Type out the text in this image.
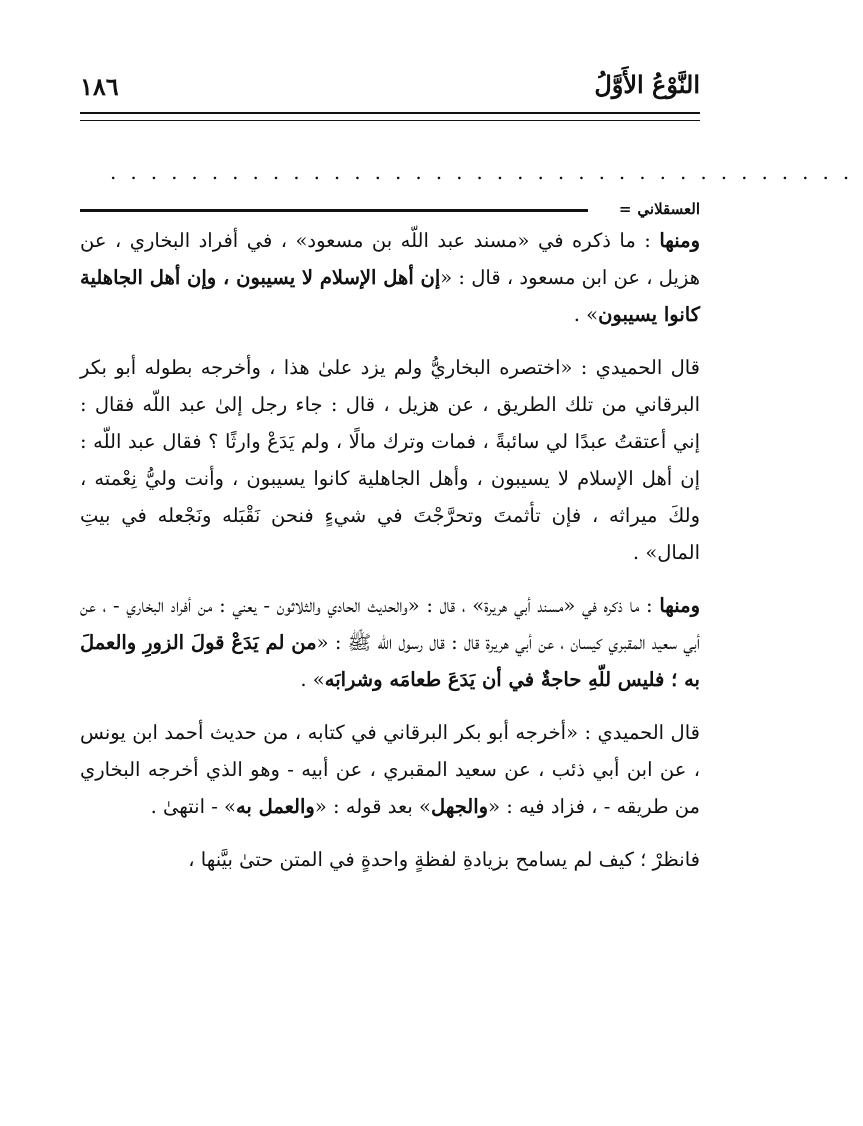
النَّوْعُ الأَوَّلُ
١٨٦
.....................................
العسقلاني
=

ومنها : ما ذكره في «مسند عبد اللّه بن مسعود» ، في أفراد البخاري ، عن هزيل ، عن ابن مسعود ، قال : «إن أهل الإسلام لا يسيبون ، وإن أهل الجاهلية كانوا يسيبون» .

قال الحميدي : «اختصره البخاريُّ ولم يزد علىٰ هذا ، وأخرجه بطوله أبو بكر البرقاني من تلك الطريق ، عن هزيل ، قال : جاء رجل إلىٰ عبد اللّه فقال : إني أعتقتُ عبدًا لي سائبةً ، فمات وترك مالًا ، ولم يَدَعْ وارثًا ؟ فقال عبد اللّه : إن أهل الإسلام لا يسيبون ، وأهل الجاهلية كانوا يسيبون ، وأنت وليُّ نِعْمته ، ولكَ ميراثه ، فإن تأثمتَ وتحرَّجْتَ في شيءٍ فنحن نَقْبَله ونَجْعله في بيتِ المال» .

ومنها : ما ذكره في «مسند أبي هريرة» ، قال : «والحديث الحادي والثلاثون - يعني : من أفراد البخاري - ، عن أبي سعيد المقبري كيسان ، عن أبي هريرة قال : قال رسول اللّه ﷺ : «من لم يَدَعْ قولَ الزورِ والعملَ به ؛ فليس للّهِ حاجةٌ في أن يَدَعَ طعامَه وشرابَه» .

قال الحميدي : «أخرجه أبو بكر البرقاني في كتابه ، من حديث أحمد ابن يونس ، عن ابن أبي ذئب ، عن سعيد المقبري ، عن أبيه - وهو الذي أخرجه البخاري من طريقه - ، فزاد فيه : «والجهل» بعد قوله : «والعمل به» - انتهىٰ .

فانظرْ ؛ كيف لم يسامح بزيادةِ لفظةٍ واحدةٍ في المتن حتىٰ بيَّنها ،
